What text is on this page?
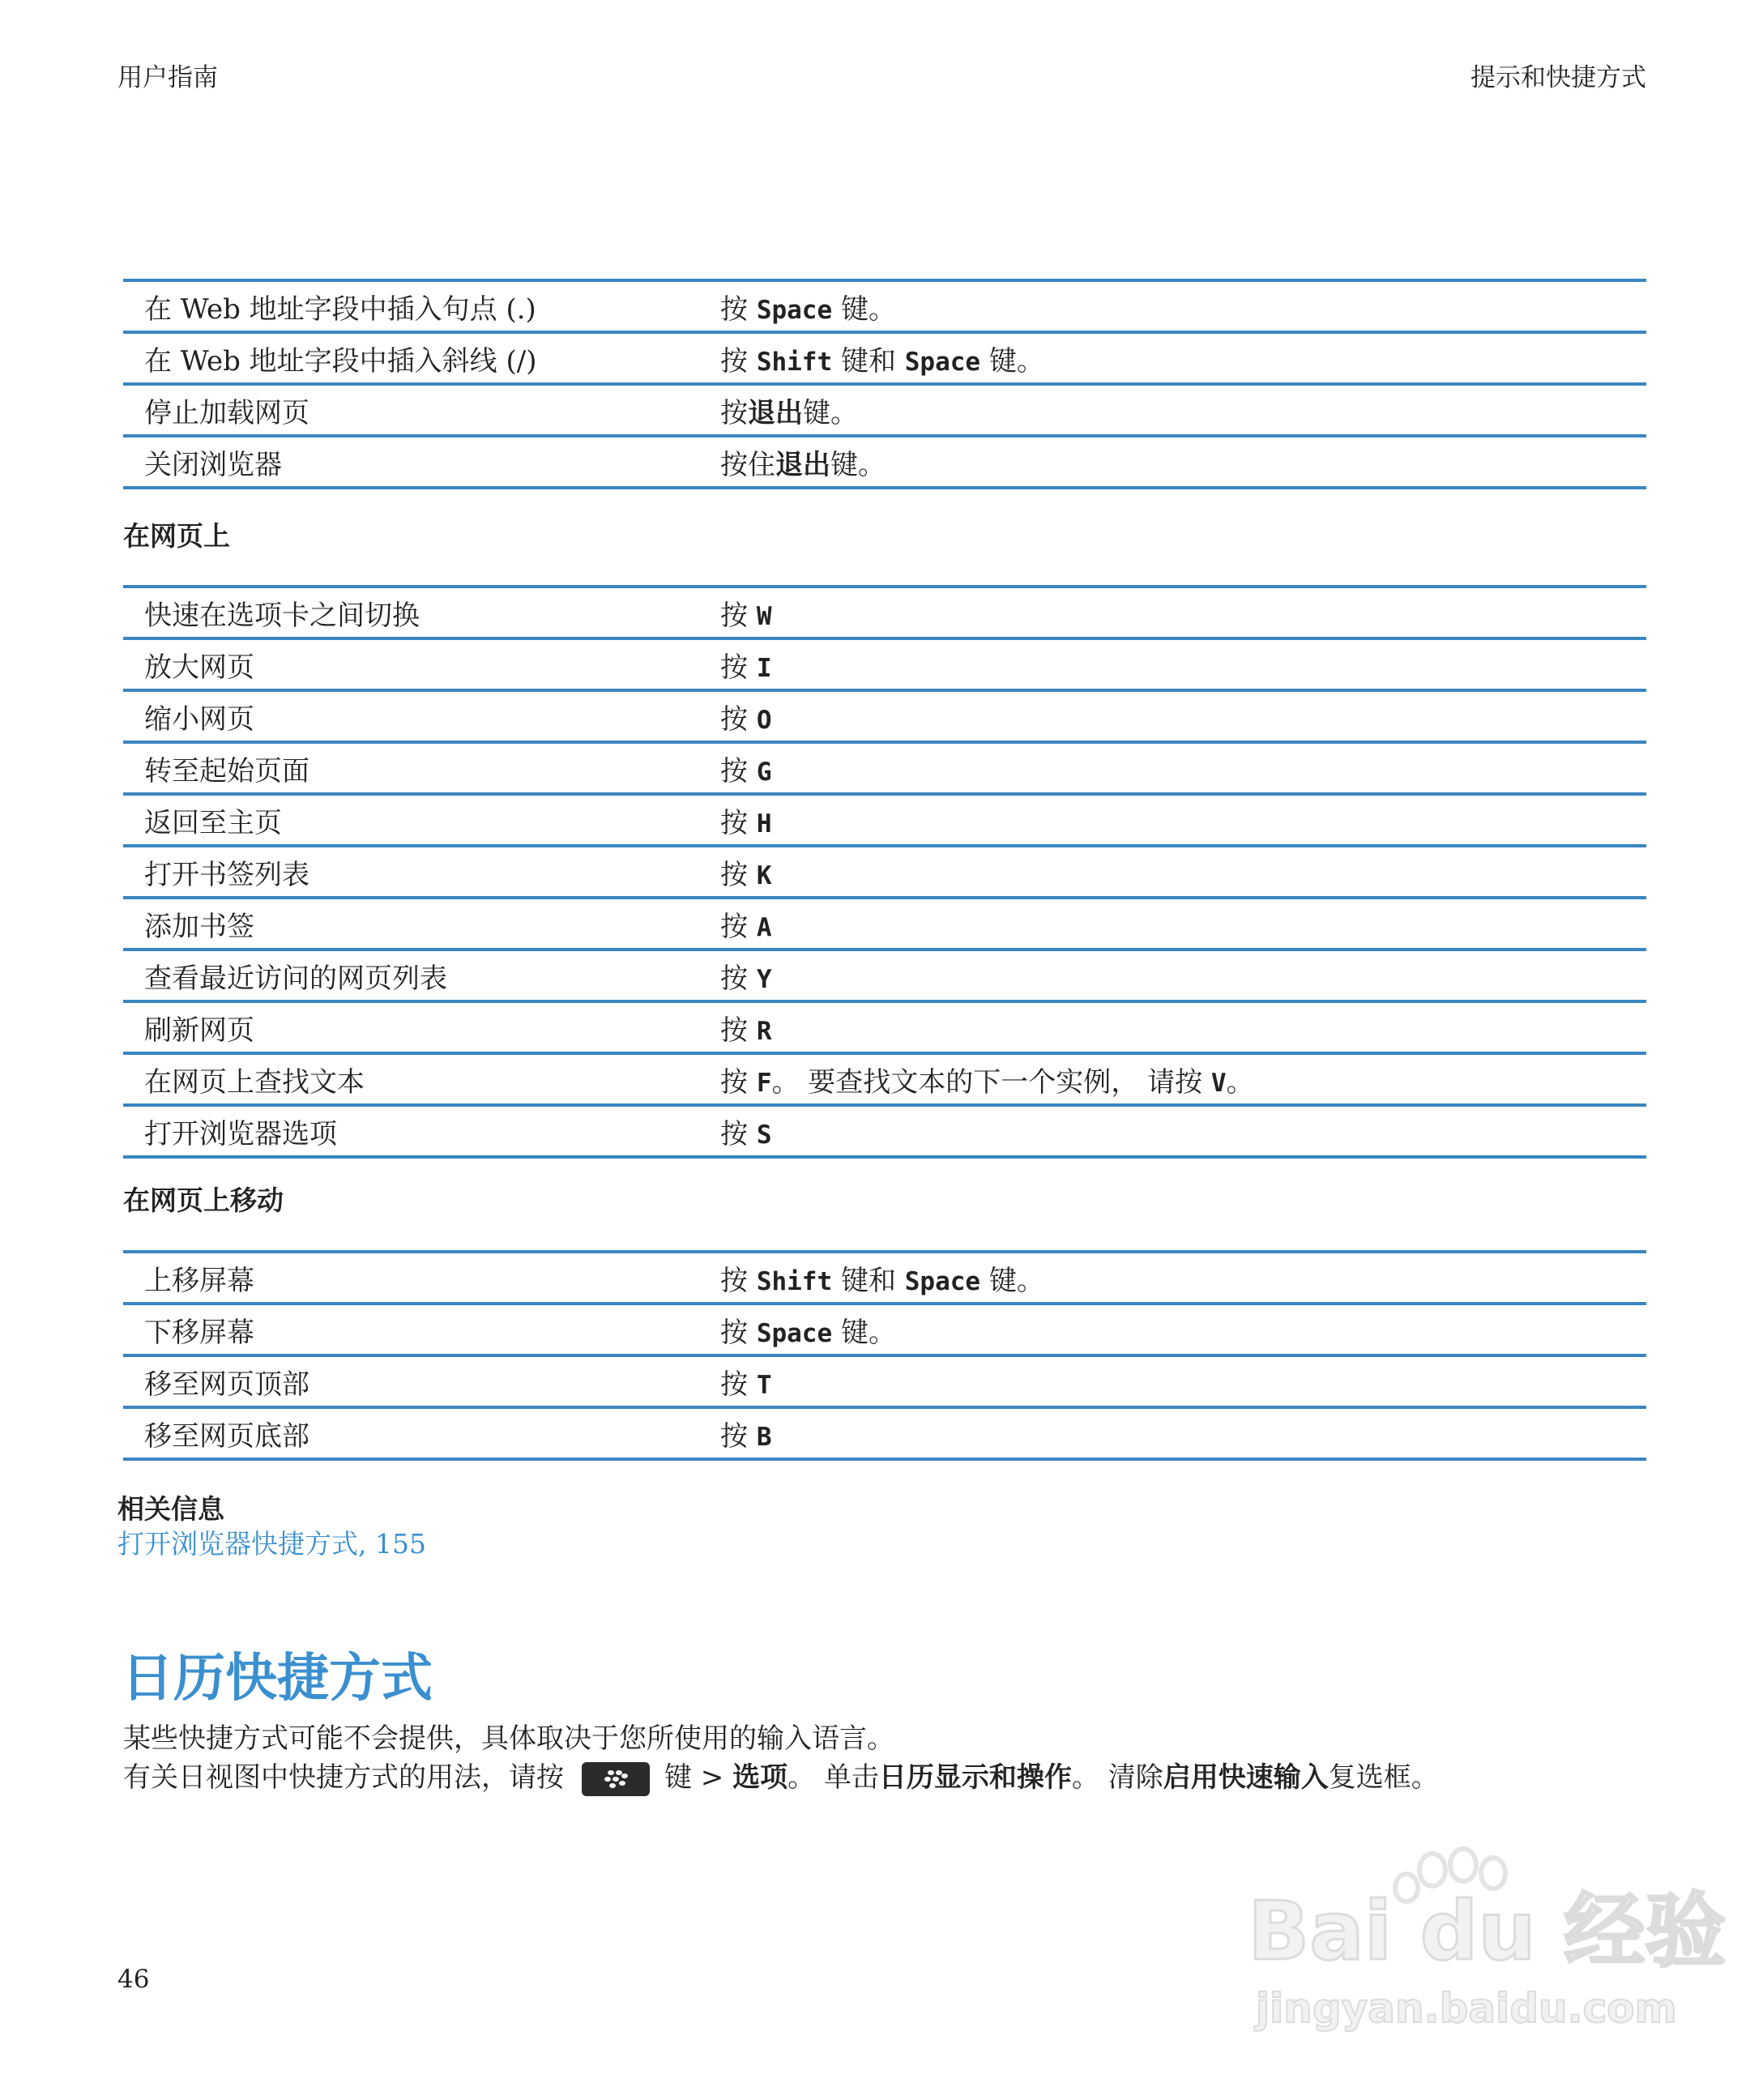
用户指南	提示和快捷方式
在 Web 地址字段中插入句点 (.)	按 Space 键。
在 Web 地址字段中插入斜线 (/)	按 Shift 键和 Space 键。
停止加载网页	按退出键。
关闭浏览器	按住退出键。
在网页上
快速在选项卡之间切换	按 W
放大网页	按 I
缩小网页	按 O
转至起始页面	按 G
返回至主页	按 H
打开书签列表	按 K
添加书签	按 A
查看最近访问的网页列表	按 Y
刷新网页	按 R
在网页上查找文本	按 F。 要查找文本的下一个实例， 请按 V。
打开浏览器选项	按 S
在网页上移动
上移屏幕	按 Shift 键和 Space 键。
下移屏幕	按 Space 键。
移至网页顶部	按 T
移至网页底部	按 B
相关信息
打开浏览器快捷方式, 155
日历快捷方式
某些快捷方式可能不会提供，具体取决于您所使用的输入语言。
有关日视图中快捷方式的用法，请按	键 > 选项。 单击日历显示和操作。 清除启用快速输入复选框。
46
Bai du 经验
jingyan.baidu.com
